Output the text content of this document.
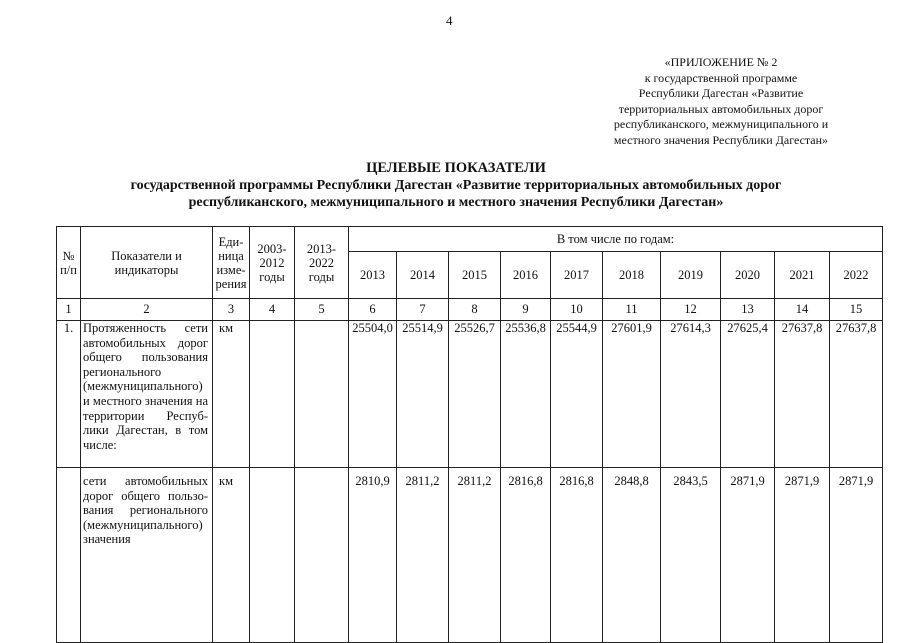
4
«ПРИЛОЖЕНИЕ № 2
к государственной программе
Республики Дагестан «Развитие
территориальных автомобильных дорог
республиканского, межмуниципального и
местного значения Республики Дагестан»
ЦЕЛЕВЫЕ ПОКАЗАТЕЛИ
государственной программы Республики Дагестан «Развитие территориальных автомобильных дорог
республиканского, межмуниципального и местного значения Республики Дагестан»
№ п/п	Показатели и индикаторы	Еди-ница изме-рения	2003-2012 годы	2013-2022 годы	В том числе по годам:									
					2013	2014	2015	2016	2017	2018	2019	2020	2021	2022
1	2	3	4	5	6	7	8	9	10	11	12	13	14	15
1.	Протяженность сети автомобильных дорог общего пользования регионального (межмуниципального) и местного значения на территории Респуб-лики Дагестан, в том числе:	км			25504,0	25514,9	25526,7	25536,8	25544,9	27601,9	27614,3	27625,4	27637,8	27637,8
	сети автомобильных дорог общего пользо-вания регионального (межмуниципального) значения	км			2810,9	2811,2	2811,2	2816,8	2816,8	2848,8	2843,5	2871,9	2871,9	2871,9
